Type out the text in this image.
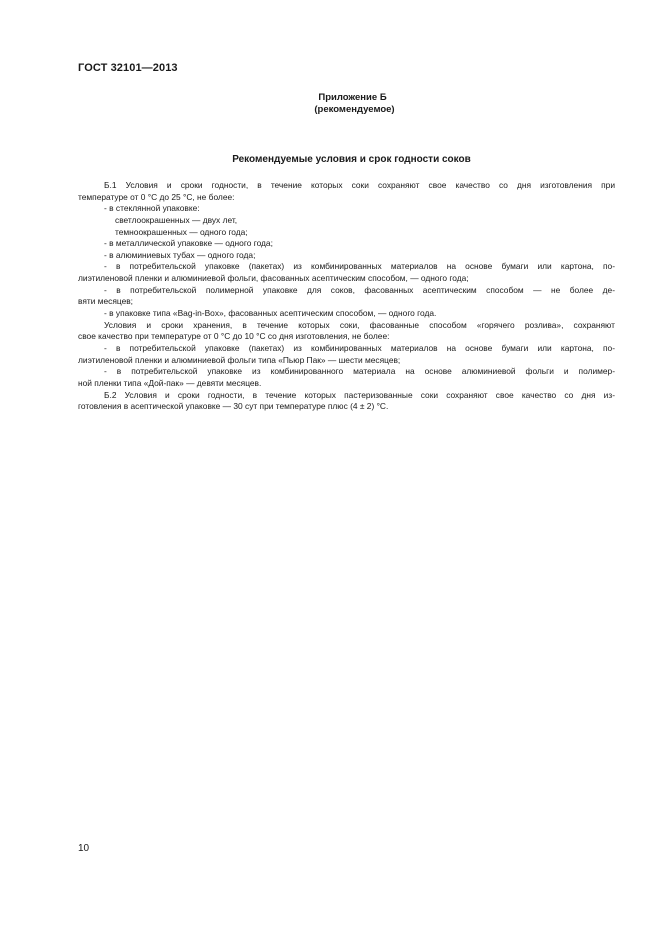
ГОСТ 32101—2013
Приложение Б
(рекомендуемое)
Рекомендуемые условия и срок годности соков
Б.1 Условия и сроки годности, в течение которых соки сохраняют свое качество со дня изготовления при
температуре от 0 °С до 25 °С, не более:
- в стеклянной упаковке:
светлоокрашенных — двух лет,
темноокрашенных — одного года;
- в металлической упаковке — одного года;
- в алюминиевых тубах — одного года;
- в потребительской упаковке (пакетах) из комбинированных материалов на основе бумаги или картона, по-
лиэтиленовой пленки и алюминиевой фольги, фасованных асептическим способом, — одного года;
- в потребительской полимерной упаковке для соков, фасованных асептическим способом — не более де-
вяти месяцев;
- в упаковке типа «Bag-in-Box», фасованных асептическим способом, — одного года.
Условия и сроки хранения, в течение которых соки, фасованные способом «горячего розлива», сохраняют
свое качество при температуре от 0 °С до 10 °С со дня изготовления, не более:
- в потребительской упаковке (пакетах) из комбинированных материалов на основе бумаги или картона, по-
лиэтиленовой пленки и алюминиевой фольги типа «Пьюр Пак» — шести месяцев;
- в потребительской упаковке из комбинированного материала на основе алюминиевой фольги и полимер-
ной пленки типа «Дой-пак» — девяти месяцев.
Б.2 Условия и сроки годности, в течение которых пастеризованные соки сохраняют свое качество со дня из-
готовления в асептической упаковке — 30 сут при температуре плюс (4 ± 2) °С.
10
